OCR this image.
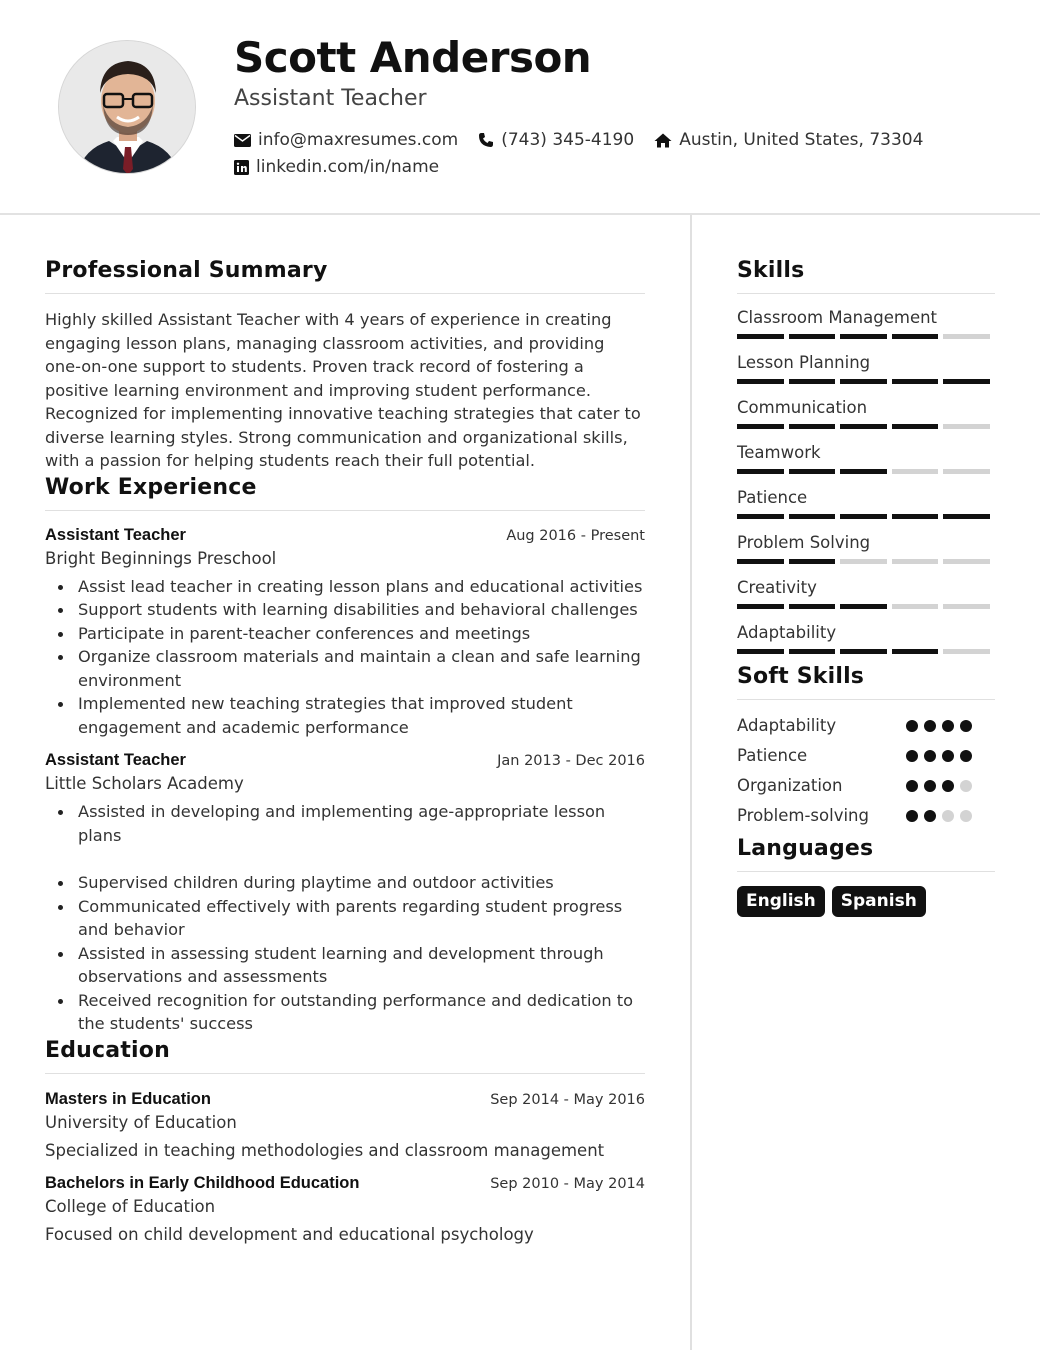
Scott Anderson
Assistant Teacher
info@maxresumes.com	(743) 345-4190	Austin, United States, 73304
linkedin.com/in/name
Professional Summary

Highly skilled Assistant Teacher with 4 years of experience in creating engaging lesson plans, managing classroom activities, and providing one-on-one support to students. Proven track record of fostering a positive learning environment and improving student performance. Recognized for implementing innovative teaching strategies that cater to diverse learning styles. Strong communication and organizational skills, with a passion for helping students reach their full potential.

Work Experience
Assistant Teacher	Aug 2016 - Present
Bright Beginnings Preschool
Assist lead teacher in creating lesson plans and educational activities
Support students with learning disabilities and behavioral challenges
Participate in parent-teacher conferences and meetings
Organize classroom materials and maintain a clean and safe learning environment
Implemented new teaching strategies that improved student engagement and academic performance
Assistant Teacher	Jan 2013 - Dec 2016
Little Scholars Academy
Assisted in developing and implementing age-appropriate lesson plans
Supervised children during playtime and outdoor activities
Communicated effectively with parents regarding student progress and behavior
Assisted in assessing student learning and development through observations and assessments
Received recognition for outstanding performance and dedication to the students' success
Education
Masters in Education	Sep 2014 - May 2016
University of Education
Specialized in teaching methodologies and classroom management
Bachelors in Early Childhood Education	Sep 2010 - May 2014
College of Education
Focused on child development and educational psychology
Skills
Classroom Management
Lesson Planning
Communication
Teamwork
Patience
Problem Solving
Creativity
Adaptability
Soft Skills
Adaptability
Patience
Organization
Problem-solving
Languages
English	Spanish
